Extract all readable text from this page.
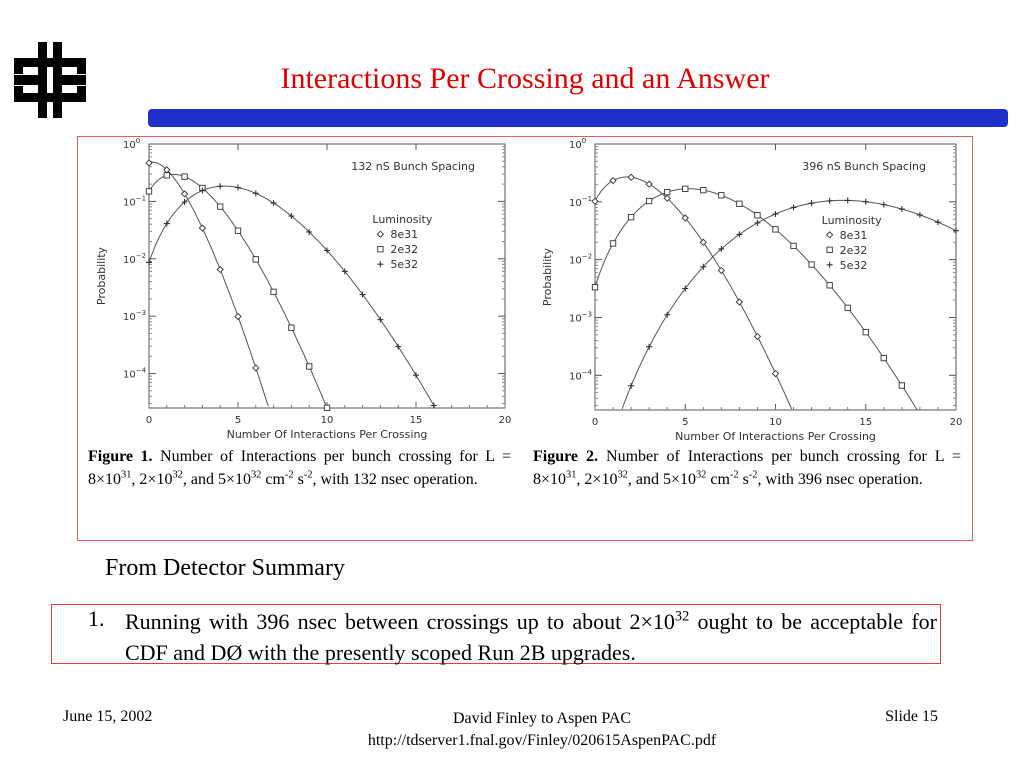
Interactions Per Crossing and an Answer
0	5	10	15	20
$10^0$
$10^{-1}$
$10^{-2}$
$10^{-3}$
$10^{-4}$
Number Of Interactions Per Crossing
Probability
132 nS Bunch Spacing
Luminosity
8e31
2e32
5e32
0	5	10	15	20
$10^0$
$10^{-1}$
$10^{-2}$
$10^{-3}$
$10^{-4}$
Number Of Interactions Per Crossing
Probability
396 nS Bunch Spacing
Luminosity
8e31
2e32
5e32
Figure 1. Number of Interactions per bunch crossing for $L = 8\times 10^{31}$, $2\times 10^{32}$, and $5\times 10^{32}$ $cm^{-2}$ $s^{-2}$, with 132 nsec operation.
Figure 2. Number of Interactions per bunch crossing for $L = 8\times 10^{31}$, $2\times 10^{32}$, and $5\times 10^{32}$ $cm^{-2}$ $s^{-2}$, with 396 nsec operation.
From Detector Summary
1. Running with 396 nsec between crossings up to about $2\times 10^{32}$ ought to be acceptable for CDF and DØ with the presently scoped Run 2B upgrades.
June 15, 2002	David Finley to Aspen PAC
http://tdserver1.fnal.gov/Finley/020615AspenPAC.pdf
Slide 15
